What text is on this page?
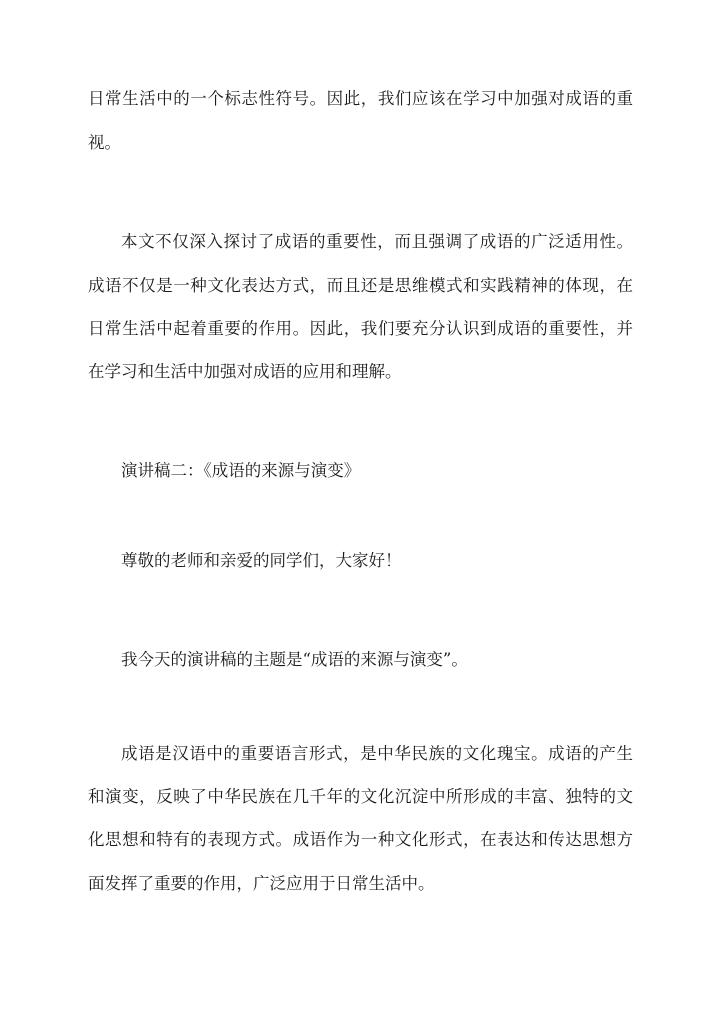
日常生活中的一个标志性符号。因此，我们应该在学习中加强对成语的重
视。
本文不仅深入探讨了成语的重要性，而且强调了成语的广泛适用性。
成语不仅是一种文化表达方式，而且还是思维模式和实践精神的体现，在
日常生活中起着重要的作用。因此，我们要充分认识到成语的重要性，并
在学习和生活中加强对成语的应用和理解。
演讲稿二：《成语的来源与演变》
尊敬的老师和亲爱的同学们，大家好！
我今天的演讲稿的主题是“成语的来源与演变”。
成语是汉语中的重要语言形式，是中华民族的文化瑰宝。成语的产生
和演变，反映了中华民族在几千年的文化沉淀中所形成的丰富、独特的文
化思想和特有的表现方式。成语作为一种文化形式，在表达和传达思想方
面发挥了重要的作用，广泛应用于日常生活中。
